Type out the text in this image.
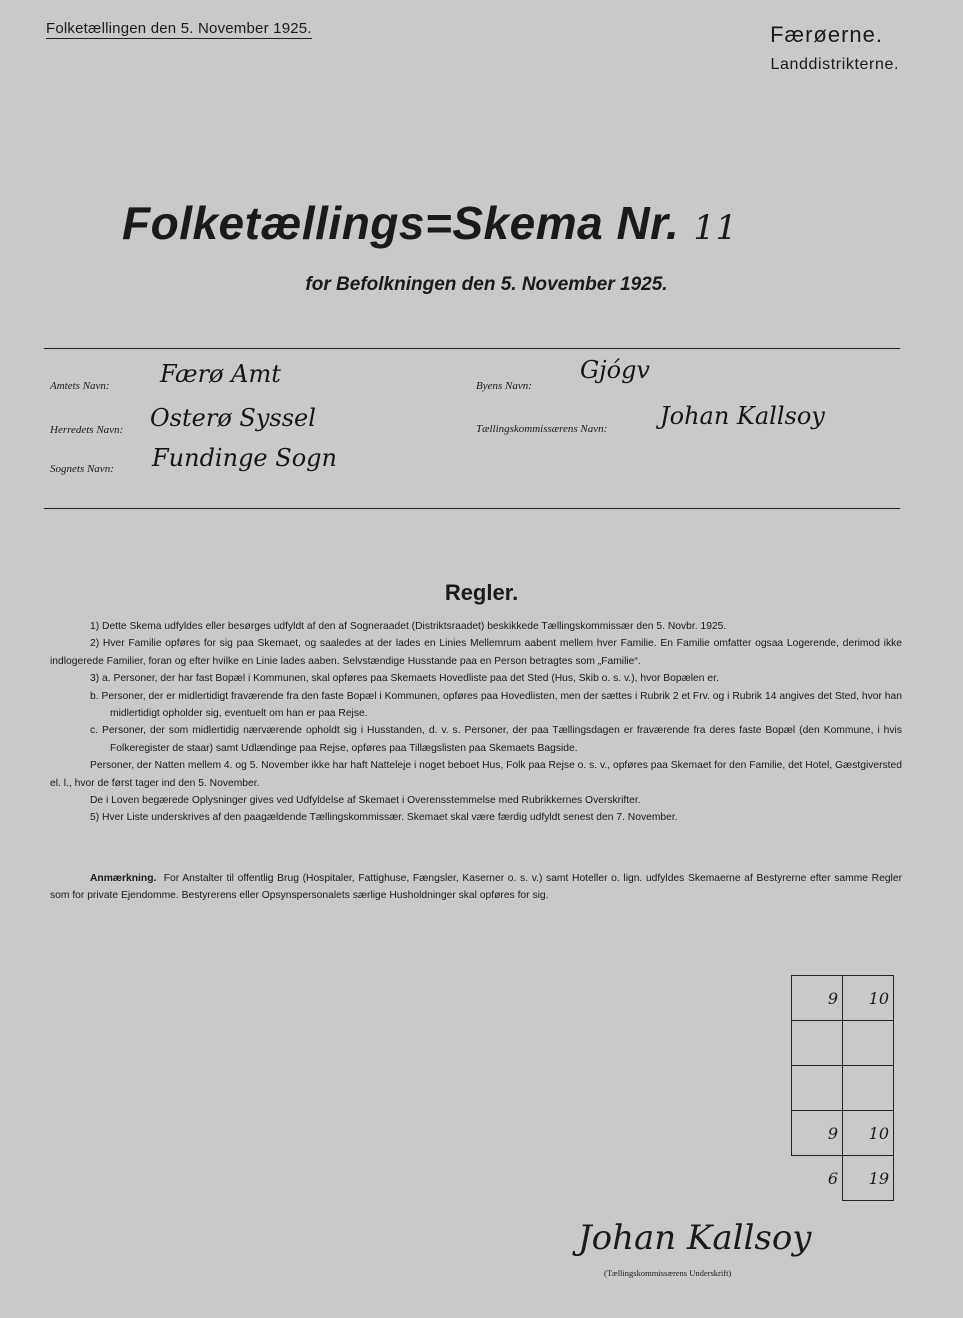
Folketællingen den 5. November 1925.	Færøerne.
Landdistrikterne.
Folketællings=Skema Nr. 11
for Befolkningen den 5. November 1925.
Amtets Navn: Færø Amt
Herredets Navn: Osterø Syssel
Sognets Navn: Fundinge Sogn
Byens Navn:
Gjógv
Tællingskommissærens Navn: Johan Kallsoy
Regler.

1) Dette Skema udfyldes eller besørges udfyldt af den af Sogneraadet (Distriktsraadet) beskikkede Tællingskommissær den 5. Novbr. 1925.

2) Hver Familie opføres for sig paa Skemaet, og saaledes at der lades en Linies Mellemrum aabent mellem hver Familie. En Familie omfatter ogsaa Logerende, derimod ikke indlogerede Familier, foran og efter hvilke en Linie lades aaben. Selvstændige Husstande paa en Person betragtes som „Familie“.

3) a. Personer, der har fast Bopæl i Kommunen, skal opføres paa Skemaets Hovedliste paa det Sted (Hus, Skib o. s. v.), hvor Bopælen er.

b. Personer, der er midlertidigt fraværende fra den faste Bopæl i Kommunen, opføres paa Hovedlisten, men der sættes i Rubrik 2 et Frv. og i Rubrik 14 angives det Sted, hvor han midlertidigt opholder sig, eventuelt om han er paa Rejse.

c. Personer, der som midlertidig nærværende opholdt sig i Husstanden, d. v. s. Personer, der paa Tællingsdagen er fraværende fra deres faste Bopæl (den Kommune, i hvis Folkeregister de staar) samt Udlændinge paa Rejse, opføres paa Tillægslisten paa Skemaets Bagside.

Personer, der Natten mellem 4. og 5. November ikke har haft Natteleje i noget beboet Hus, Folk paa Rejse o. s. v., opføres paa Skemaet for den Familie, det Hotel, Gæstgiversted el. l., hvor de først tager ind den 5. November.

De i Loven begærede Oplysninger gives ved Udfyldelse af Skemaet i Overensstemmelse med Rubrikkernes Overskrifter.

5) Hver Liste underskrives af den paagældende Tællingskommissær. Skemaet skal være færdig udfyldt senest den 7. November.

Anmærkning. For Anstalter til offentlig Brug (Hospitaler, Fattighuse, Fængsler, Kaserner o. s. v.) samt Hoteller o. lign. udfyldes Skemaerne af Bestyrerne efter samme Regler som for private Ejendomme. Bestyrerens eller Opsynspersonalets særlige Husholdninger skal opføres for sig.
9	10

9	10
6	19
Johan Kallsoy
(Tællingskommissærens Underskrift)
